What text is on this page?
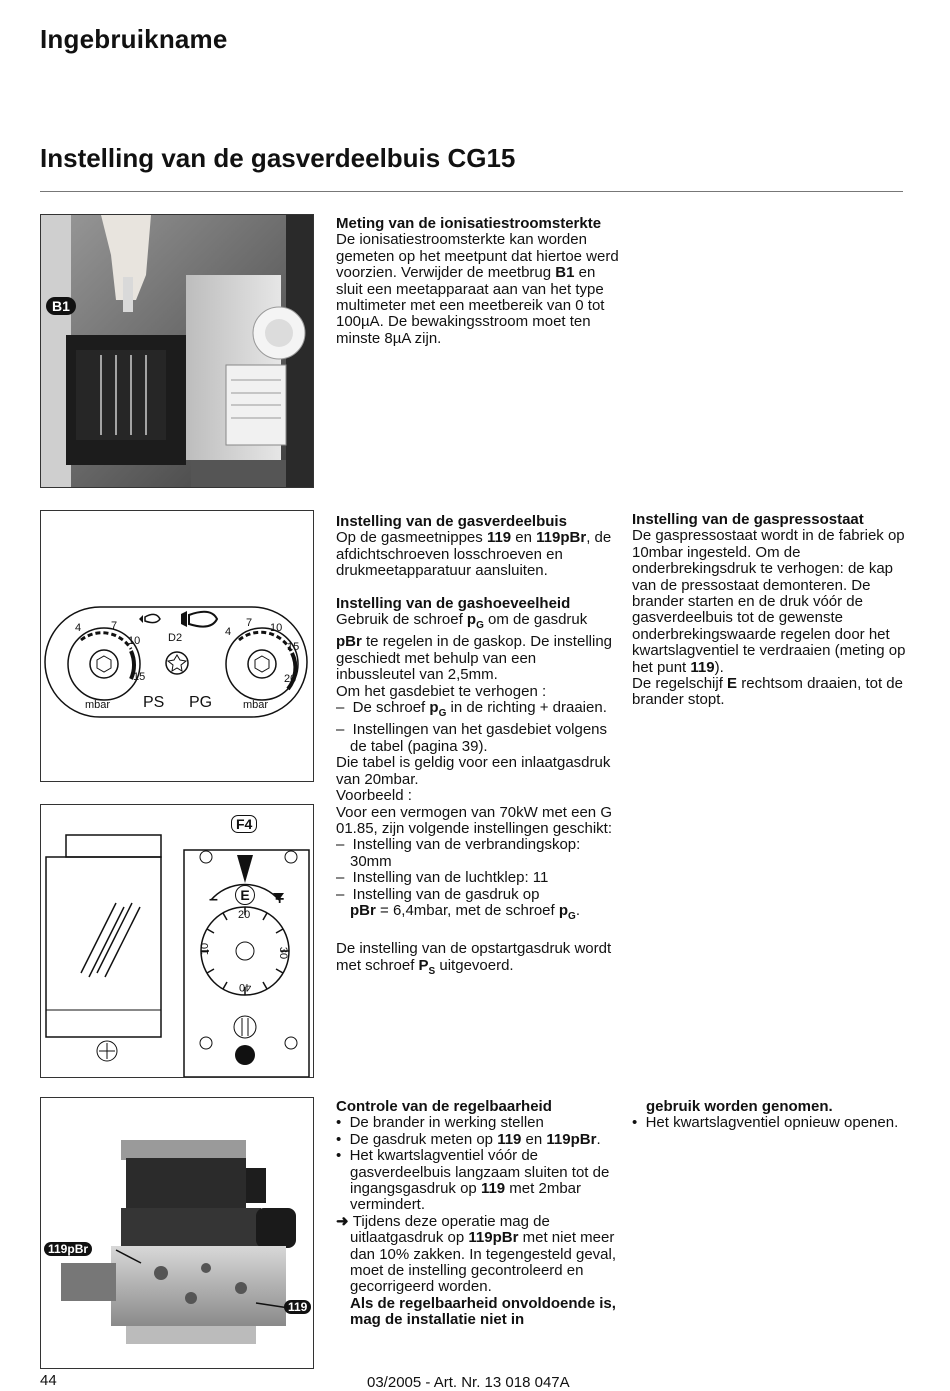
Ingebruikname
Instelling van de gasverdeelbuis CG15
B1
4	7
10
15
D2	4
7 10
15
20
mbar PS PG	mbar
F4
E
–	+
10
20
30
40
119pBr
119

Meting van de ionisatiestroomsterkte

De ionisatiestroomsterkte kan worden gemeten op het meetpunt dat hiertoe werd voorzien. Verwijder de meetbrug B1 en sluit een meetapparaat aan van het type multimeter met een meetbereik van 0 tot 100µA. De bewakingsstroom moet ten minste 8µA zijn.

Instelling van de gasverdeelbuis

Op de gasmeetnippes 119 en 119pBr, de afdichtschroeven losschroeven en drukmeetapparatuur aansluiten.

Instelling van de gashoeveelheid

Gebruik de schroef $p_G$ om de gasdruk pBr te regelen in de gaskop. De instelling geschiedt met behulp van een inbussleutel van 2,5mm.

Om het gasdebiet te verhogen :

–  De schroef $p_G$ in de richting + draaien.

–  Instellingen van het gasdebiet volgens de tabel (pagina 39).

Die tabel is geldig voor een inlaatgasdruk van 20mbar.

Voorbeeld :

Voor een vermogen van 70kW met een G 01.85, zijn volgende instellingen geschikt:

–  Instelling van de verbrandingskop: 30mm

–  Instelling van de luchtklep: 11

–  Instelling van de gasdruk op

pBr = 6,4mbar, met de schroef $p_G$.

De instelling van de opstartgasdruk wordt met schroef $P_S$ uitgevoerd.

Instelling van de gaspressostaat

De gaspressostaat wordt in de fabriek op 10mbar ingesteld. Om de onderbrekingsdruk te verhogen: de kap van de pressostaat demonteren. De brander starten en de druk vóór de gasverdeelbuis tot de gewenste onderbrekingswaarde regelen door het kwartslagventiel te verdraaien (meting op het punt 119).

De regelschijf E rechtsom draaien, tot de brander stopt.

Controle van de regelbaarheid

•  De brander in werking stellen

•  De gasdruk meten op 119 en 119pBr.

•  Het kwartslagventiel vóór de gasverdeelbuis langzaam sluiten tot de ingangsgasdruk op 119 met 2mbar vermindert.

➜ Tijdens deze operatie mag de uitlaatgasdruk op 119pBr met niet meer dan 10% zakken. In tegengesteld geval, moet de instelling gecontroleerd en gecorrigeerd worden.

Als de regelbaarheid onvoldoende is, mag de installatie niet in

gebruik worden genomen.

•  Het kwartslagventiel opnieuw openen.

44	03/2005 - Art. Nr. 13 018 047A
